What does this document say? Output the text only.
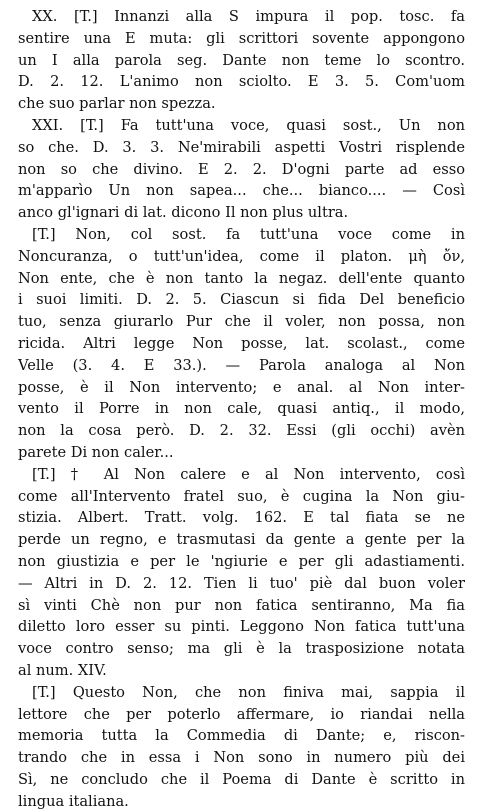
XX. [T.] Innanzi alla S impura il pop. tosc. fa
sentire una E muta: gli scrittori sovente appongono
un I alla parola seg. Dante non teme lo scontro.
D. 2. 12. L'animo non sciolto. E 3. 5. Com'uom
che suo parlar non spezza.
XXI. [T.] Fa tutt'una voce, quasi sost., Un non
so che. D. 3. 3. Ne'mirabili aspetti Vostri risplende
non so che divino. E 2. 2. D'ogni parte ad esso
m'apparìo Un non sapea... che... bianco.... — Così
anco gl'ignari di lat. dicono Il non plus ultra.
[T.] Non, col sost. fa tutt'una voce come in
Noncuranza, o tutt'un'idea, come il platon. μὴ ὄν,
Non ente, che è non tanto la negaz. dell'ente quanto
i suoi limiti. D. 2. 5. Ciascun si fida Del beneficio
tuo, senza giurarlo Pur che il voler, non possa, non
ricida. Altri legge Non posse, lat. scolast., come
Velle (3. 4. E 33.). — Parola analoga al Non
posse, è il Non intervento; e anal. al Non inter-
vento il Porre in non cale, quasi antiq., il modo,
non la cosa però. D. 2. 32. Essi (gli occhi) avèn
parete Di non caler...
[T.] † Al Non calere e al Non intervento, così
come all'Intervento fratel suo, è cugina la Non giu-
stizia. Albert. Tratt. volg. 162. E tal fiata se ne
perde un regno, e trasmutasi da gente a gente per la
non giustizia e per le 'ngiurie e per gli adastiamenti.
— Altri in D. 2. 12. Tien li tuo' piè dal buon voler
sì vinti Chè non pur non fatica sentiranno, Ma fia
diletto loro esser su pinti. Leggono Non fatica tutt'una
voce contro senso; ma gli è la trasposizione notata
al num. XIV.
[T.] Questo Non, che non finiva mai, sappia il
lettore che per poterlo affermare, io riandai nella
memoria tutta la Commedia di Dante; e, riscon-
trando che in essa i Non sono in numero più dei
Sì, ne concludo che il Poema di Dante è scritto in
lingua italiana.
